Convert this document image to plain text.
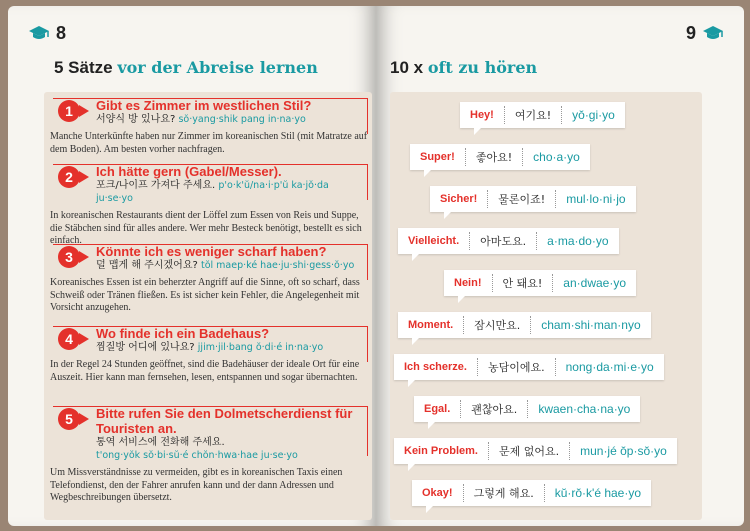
8
5 Sätze vor der Abreise lernen
1	Gibt es Zimmer im westlichen Stil?
서양식 방 있나요? sŏ·yang·shik pang in·na·yo
Manche Unterkünfte haben nur Zimmer im koreanischen Stil (mit Matratze auf dem Boden). Am besten vorher nachfragen.
2	Ich hätte gern (Gabel/Messer).
포크/나이프 가져다 주세요. p'o·k'ŭ/na·i·p'ŭ ka·jŏ·da ju·se·yo
In koreanischen Restaurants dient der Löffel zum Essen von Reis und Suppe, die Stäbchen sind für alles andere. Wer mehr Besteck benötigt, bestellt es sich einfach.
3	Könnte ich es weniger scharf haben?
덜 맵게 해 주시겠어요? tŏl maep·ké hae·ju·shi·gess·ŏ·yo
Koreanisches Essen ist ein beherzter Angriff auf die Sinne, oft so scharf, dass Schweiß oder Tränen fließen. Es ist sicher kein Fehler, die Angelegenheit mit Vorsicht anzugehen.
4	Wo finde ich ein Badehaus?
찜질방 어디에 있나요? jjim·jil·bang ŏ·di·é in·na·yo
In der Regel 24 Stunden geöffnet, sind die Badehäuser der ideale Ort für eine Auszeit. Hier kann man fernsehen, lesen, entspannen und sogar übernachten.
5	Bitte rufen Sie den Dolmetscherdienst für Touristen an.
통역 서비스에 전화해 주세요.
t'ong·yŏk sŏ·bi·sŭ·é chŏn·hwa·hae ju·se·yo
Um Missverständnisse zu vermeiden, gibt es in koreanischen Taxis einen Telefondienst, den der Fahrer anrufen kann und der dann Adressen und Wegbeschreibungen übersetzt.
9
10 x oft zu hören
Hey!	여기요!	yŏ·gi·yo
Super!	좋아요!	cho·a·yo
Sicher!	물론이죠!	mul·lo·ni·jo
Vielleicht.	아마도요.	a·ma·do·yo
Nein!	안 돼요!	an·dwae·yo
Moment.	잠시만요.	cham·shi·man·nyo
Ich scherze.	농담이에요.	nong·da·mi·e·yo
Egal.	괜찮아요.	kwaen·cha·na·yo
Kein Problem.	문제 없어요.	mun·jé ŏp·sŏ·yo
Okay!	그렇게 해요.	kŭ·rŏ·k'é hae·yo
